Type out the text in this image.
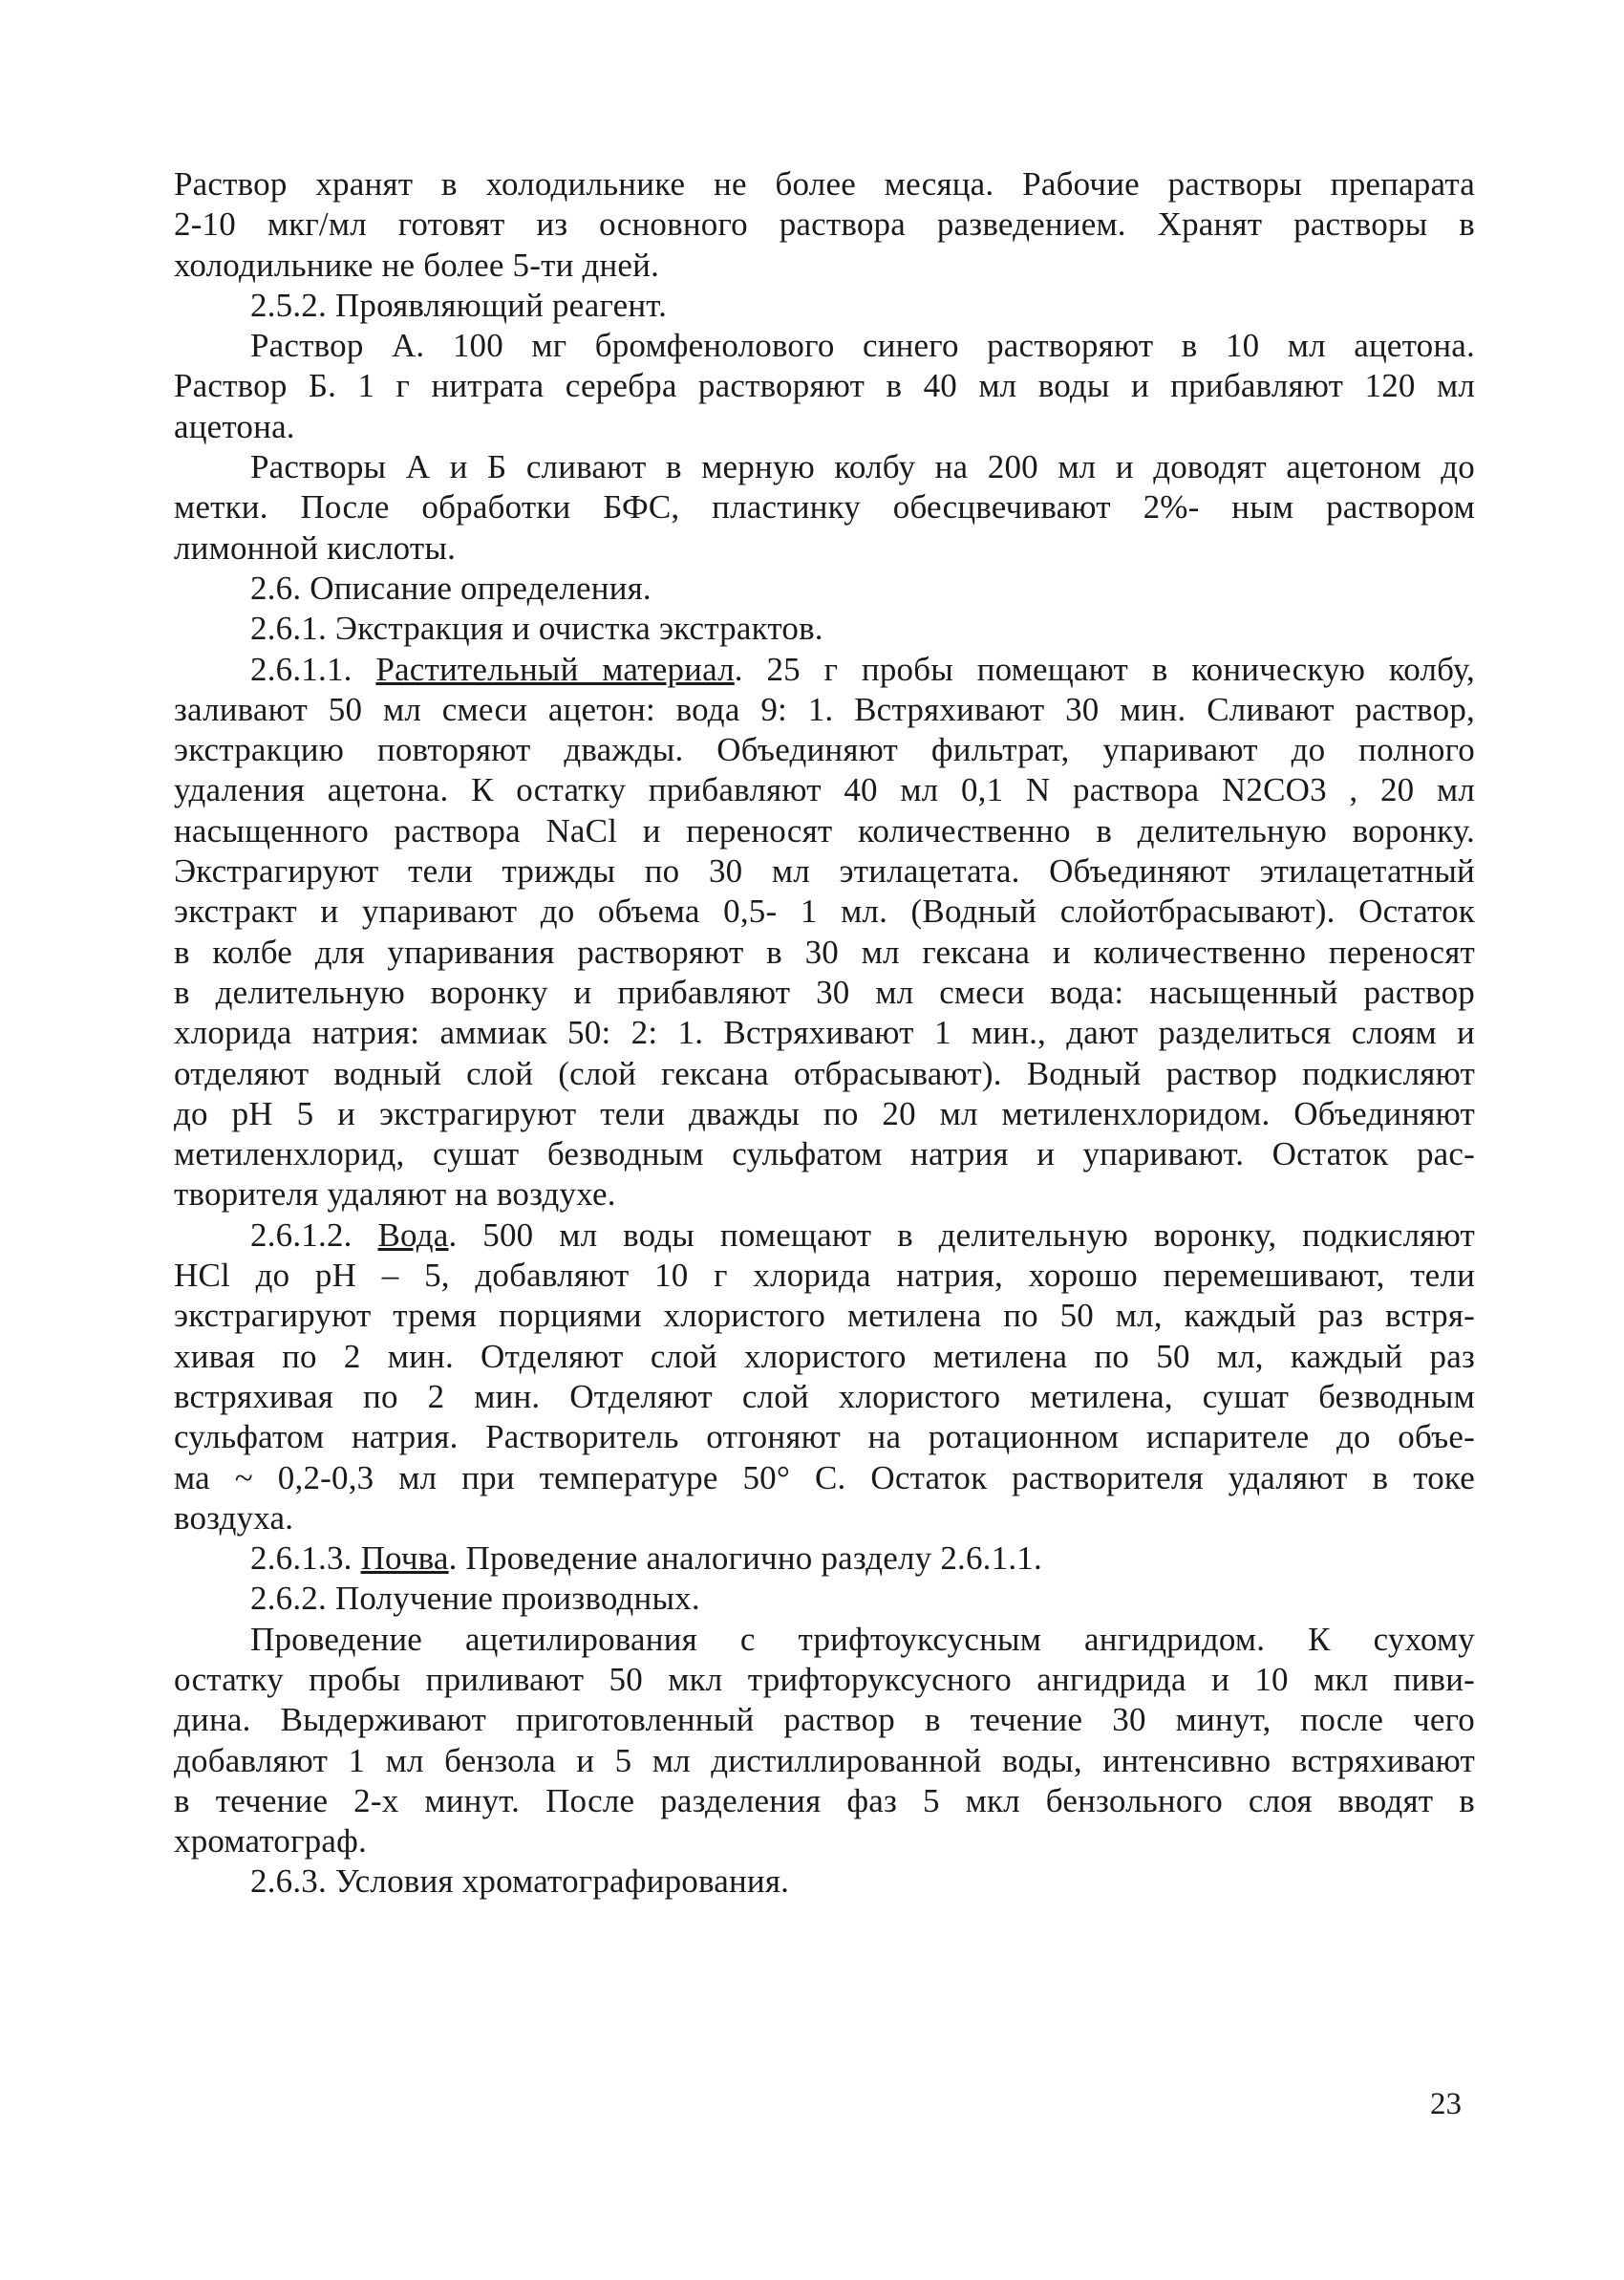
Раствор хранят в холодильнике не более месяца. Рабочие растворы препарата
2-10 мкг/мл готовят из основного раствора разведением. Хранят растворы в
холодильнике не более 5-ти дней.
2.5.2. Проявляющий реагент.
Раствор А. 100 мг бромфенолового синего растворяют в 10 мл ацетона.
Раствор Б. 1 г нитрата серебра растворяют в 40 мл воды и прибавляют 120 мл
ацетона.
Растворы А и Б сливают в мерную колбу на 200 мл и доводят ацетоном до
метки. После обработки БФС, пластинку обесцвечивают 2%- ным раствором
лимонной кислоты.
2.6. Описание определения.
2.6.1. Экстракция и очистка экстрактов.
2.6.1.1. Растительный материал. 25 г пробы помещают в коническую колбу,
заливают 50 мл смеси ацетон: вода 9: 1. Встряхивают 30 мин. Сливают раствор,
экстракцию повторяют дважды. Объединяют фильтрат, упаривают до полного
удаления ацетона. К остатку прибавляют 40 мл 0,1 N раствора N2CO3 , 20 мл
насыщенного раствора NaCl и переносят количественно в делительную воронку.
Экстрагируют тели трижды по 30 мл этилацетата. Объединяют этилацетатный
экстракт и упаривают до объема 0,5- 1 мл. (Водный слойотбрасывают). Остаток
в колбе для упаривания растворяют в 30 мл гексана и количественно переносят
в делительную воронку и прибавляют 30 мл смеси вода: насыщенный раствор
хлорида натрия: аммиак 50: 2: 1. Встряхивают 1 мин., дают разделиться слоям и
отделяют водный слой (слой гексана отбрасывают). Водный раствор подкисляют
до pH 5 и экстрагируют тели дважды по 20 мл метиленхлоридом. Объединяют
метиленхлорид, сушат безводным сульфатом натрия и упаривают. Остаток рас-
творителя удаляют на воздухе.
2.6.1.2. Вода. 500 мл воды помещают в делительную воронку, подкисляют
HCl до pH – 5, добавляют 10 г хлорида натрия, хорошо перемешивают, тели
экстрагируют тремя порциями хлористого метилена по 50 мл, каждый раз встря-
хивая по 2 мин. Отделяют слой хлористого метилена по 50 мл, каждый раз
встряхивая по 2 мин. Отделяют слой хлористого метилена, сушат безводным
сульфатом натрия. Растворитель отгоняют на ротационном испарителе до объе-
ма ~ 0,2-0,3 мл при температуре 50° С. Остаток растворителя удаляют в токе
воздуха.
2.6.1.3. Почва. Проведение аналогично разделу 2.6.1.1.
2.6.2. Получение производных.
Проведение ацетилирования с трифтоуксусным ангидридом. К сухому
остатку пробы приливают 50 мкл трифторуксусного ангидрида и 10 мкл пиви-
дина. Выдерживают приготовленный раствор в течение 30 минут, после чего
добавляют 1 мл бензола и 5 мл дистиллированной воды, интенсивно встряхивают
в течение 2-х минут. После разделения фаз 5 мкл бензольного слоя вводят в
хроматограф.
2.6.3. Условия хроматографирования.
23
